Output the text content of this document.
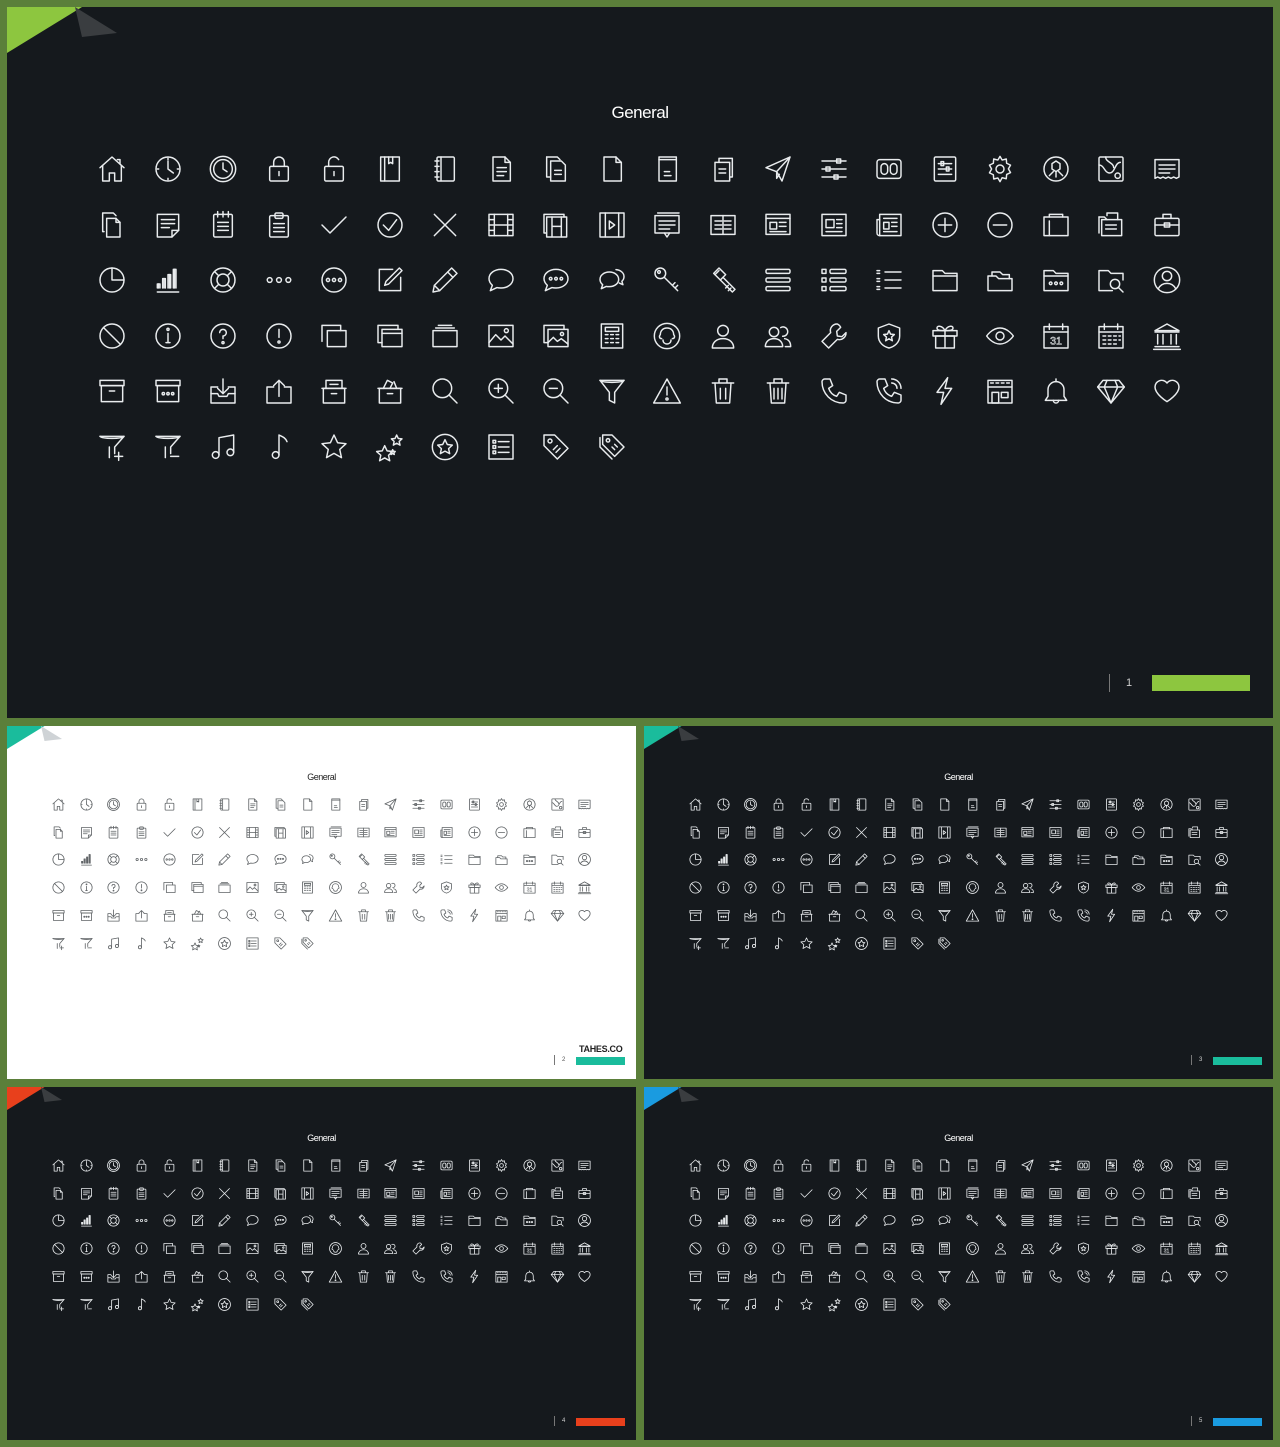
General
31
1
General
31
TAHES.CO
2
General
31
3
General
31
4
General
31
5
